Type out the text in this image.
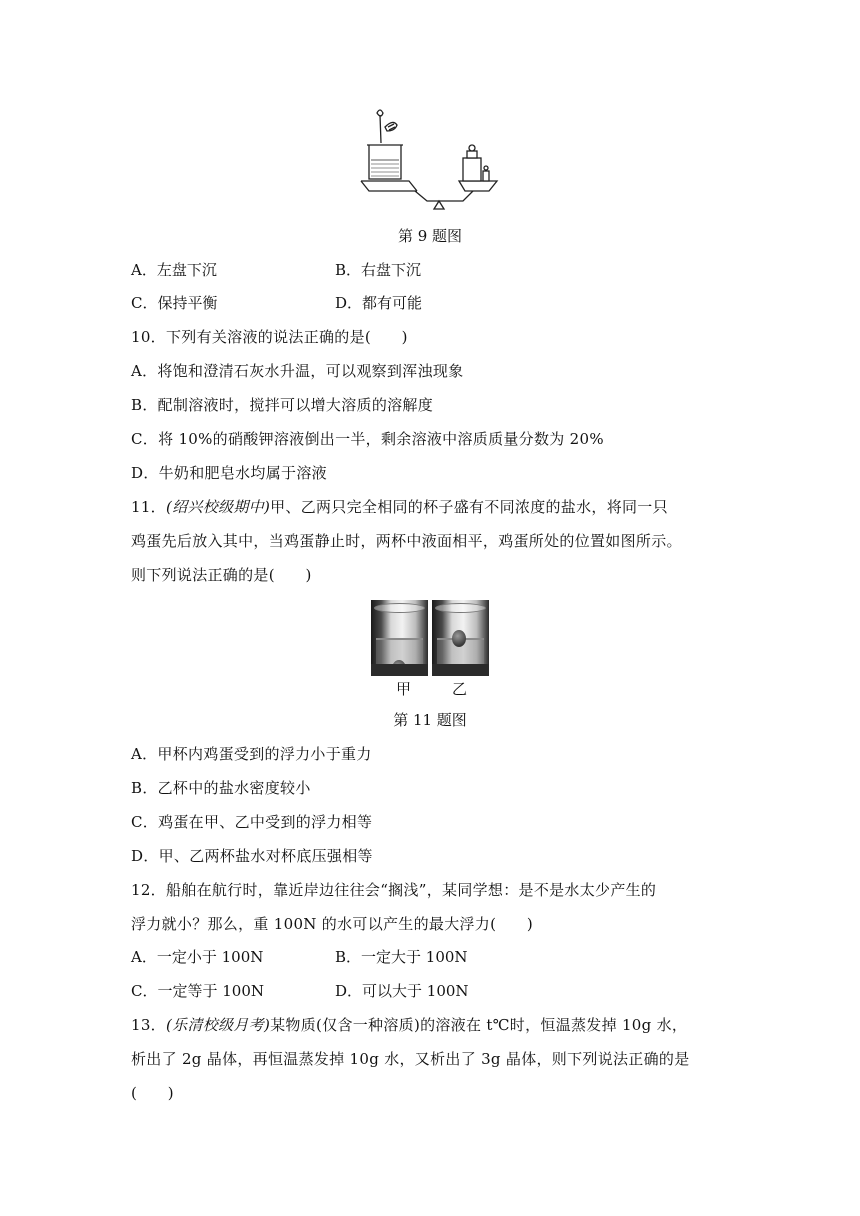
第 9 题图
A．左盘下沉	B．右盘下沉
C．保持平衡	D．都有可能
10．下列有关溶液的说法正确的是(　　)
A．将饱和澄清石灰水升温，可以观察到浑浊现象
B．配制溶液时，搅拌可以增大溶质的溶解度
C．将 10%的硝酸钾溶液倒出一半，剩余溶液中溶质质量分数为 20%
D．牛奶和肥皂水均属于溶液
11．(绍兴校级期中)甲、乙两只完全相同的杯子盛有不同浓度的盐水，将同一只
鸡蛋先后放入其中，当鸡蛋静止时，两杯中液面相平，鸡蛋所处的位置如图所示。
则下列说法正确的是(　　)
甲	乙
第 11 题图
A．甲杯内鸡蛋受到的浮力小于重力
B．乙杯中的盐水密度较小
C．鸡蛋在甲、乙中受到的浮力相等
D．甲、乙两杯盐水对杯底压强相等
12．船舶在航行时，靠近岸边往往会“搁浅”，某同学想：是不是水太少产生的
浮力就小？那么，重 100N 的水可以产生的最大浮力(　　)
A．一定小于 100N	B．一定大于 100N
C．一定等于 100N	D．可以大于 100N
13．(乐清校级月考)某物质(仅含一种溶质)的溶液在 t℃时，恒温蒸发掉 10g 水，
析出了 2g 晶体，再恒温蒸发掉 10g 水，又析出了 3g 晶体，则下列说法正确的是
(　　)
